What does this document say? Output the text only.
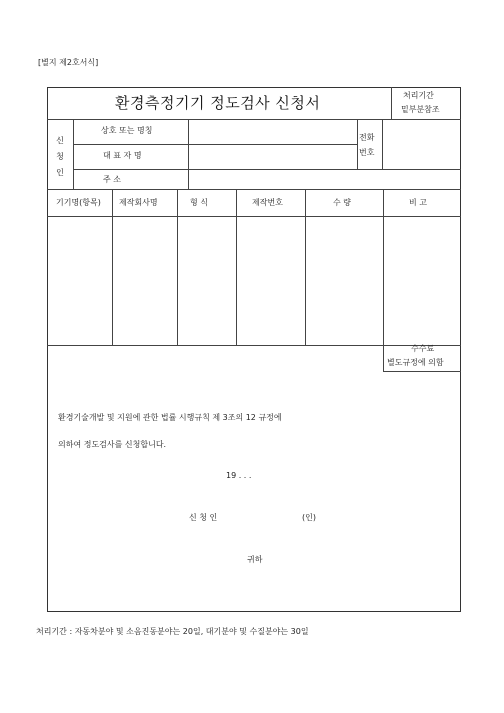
[별지 제2호서식]
환경측정기기 정도검사 신청서	처리기간
밑부분참조
신
청
인
상호 또는 명칭
대 표 자 명
전화
번호
주 소
기기명(항목) 제작회사명	형 식	제작번호	수 량	비 고
수수료
별도규정에 의함
환경기술개발 및 지원에 관한 법률 시행규칙 제 3조의 12 규정에
의하여 정도검사를 신청합니다.
19 . . .
신 청 인	(인)
귀하
처리기간 : 자동차분야 및 소음진동분야는 20일, 대기분야 및 수질분야는 30일
